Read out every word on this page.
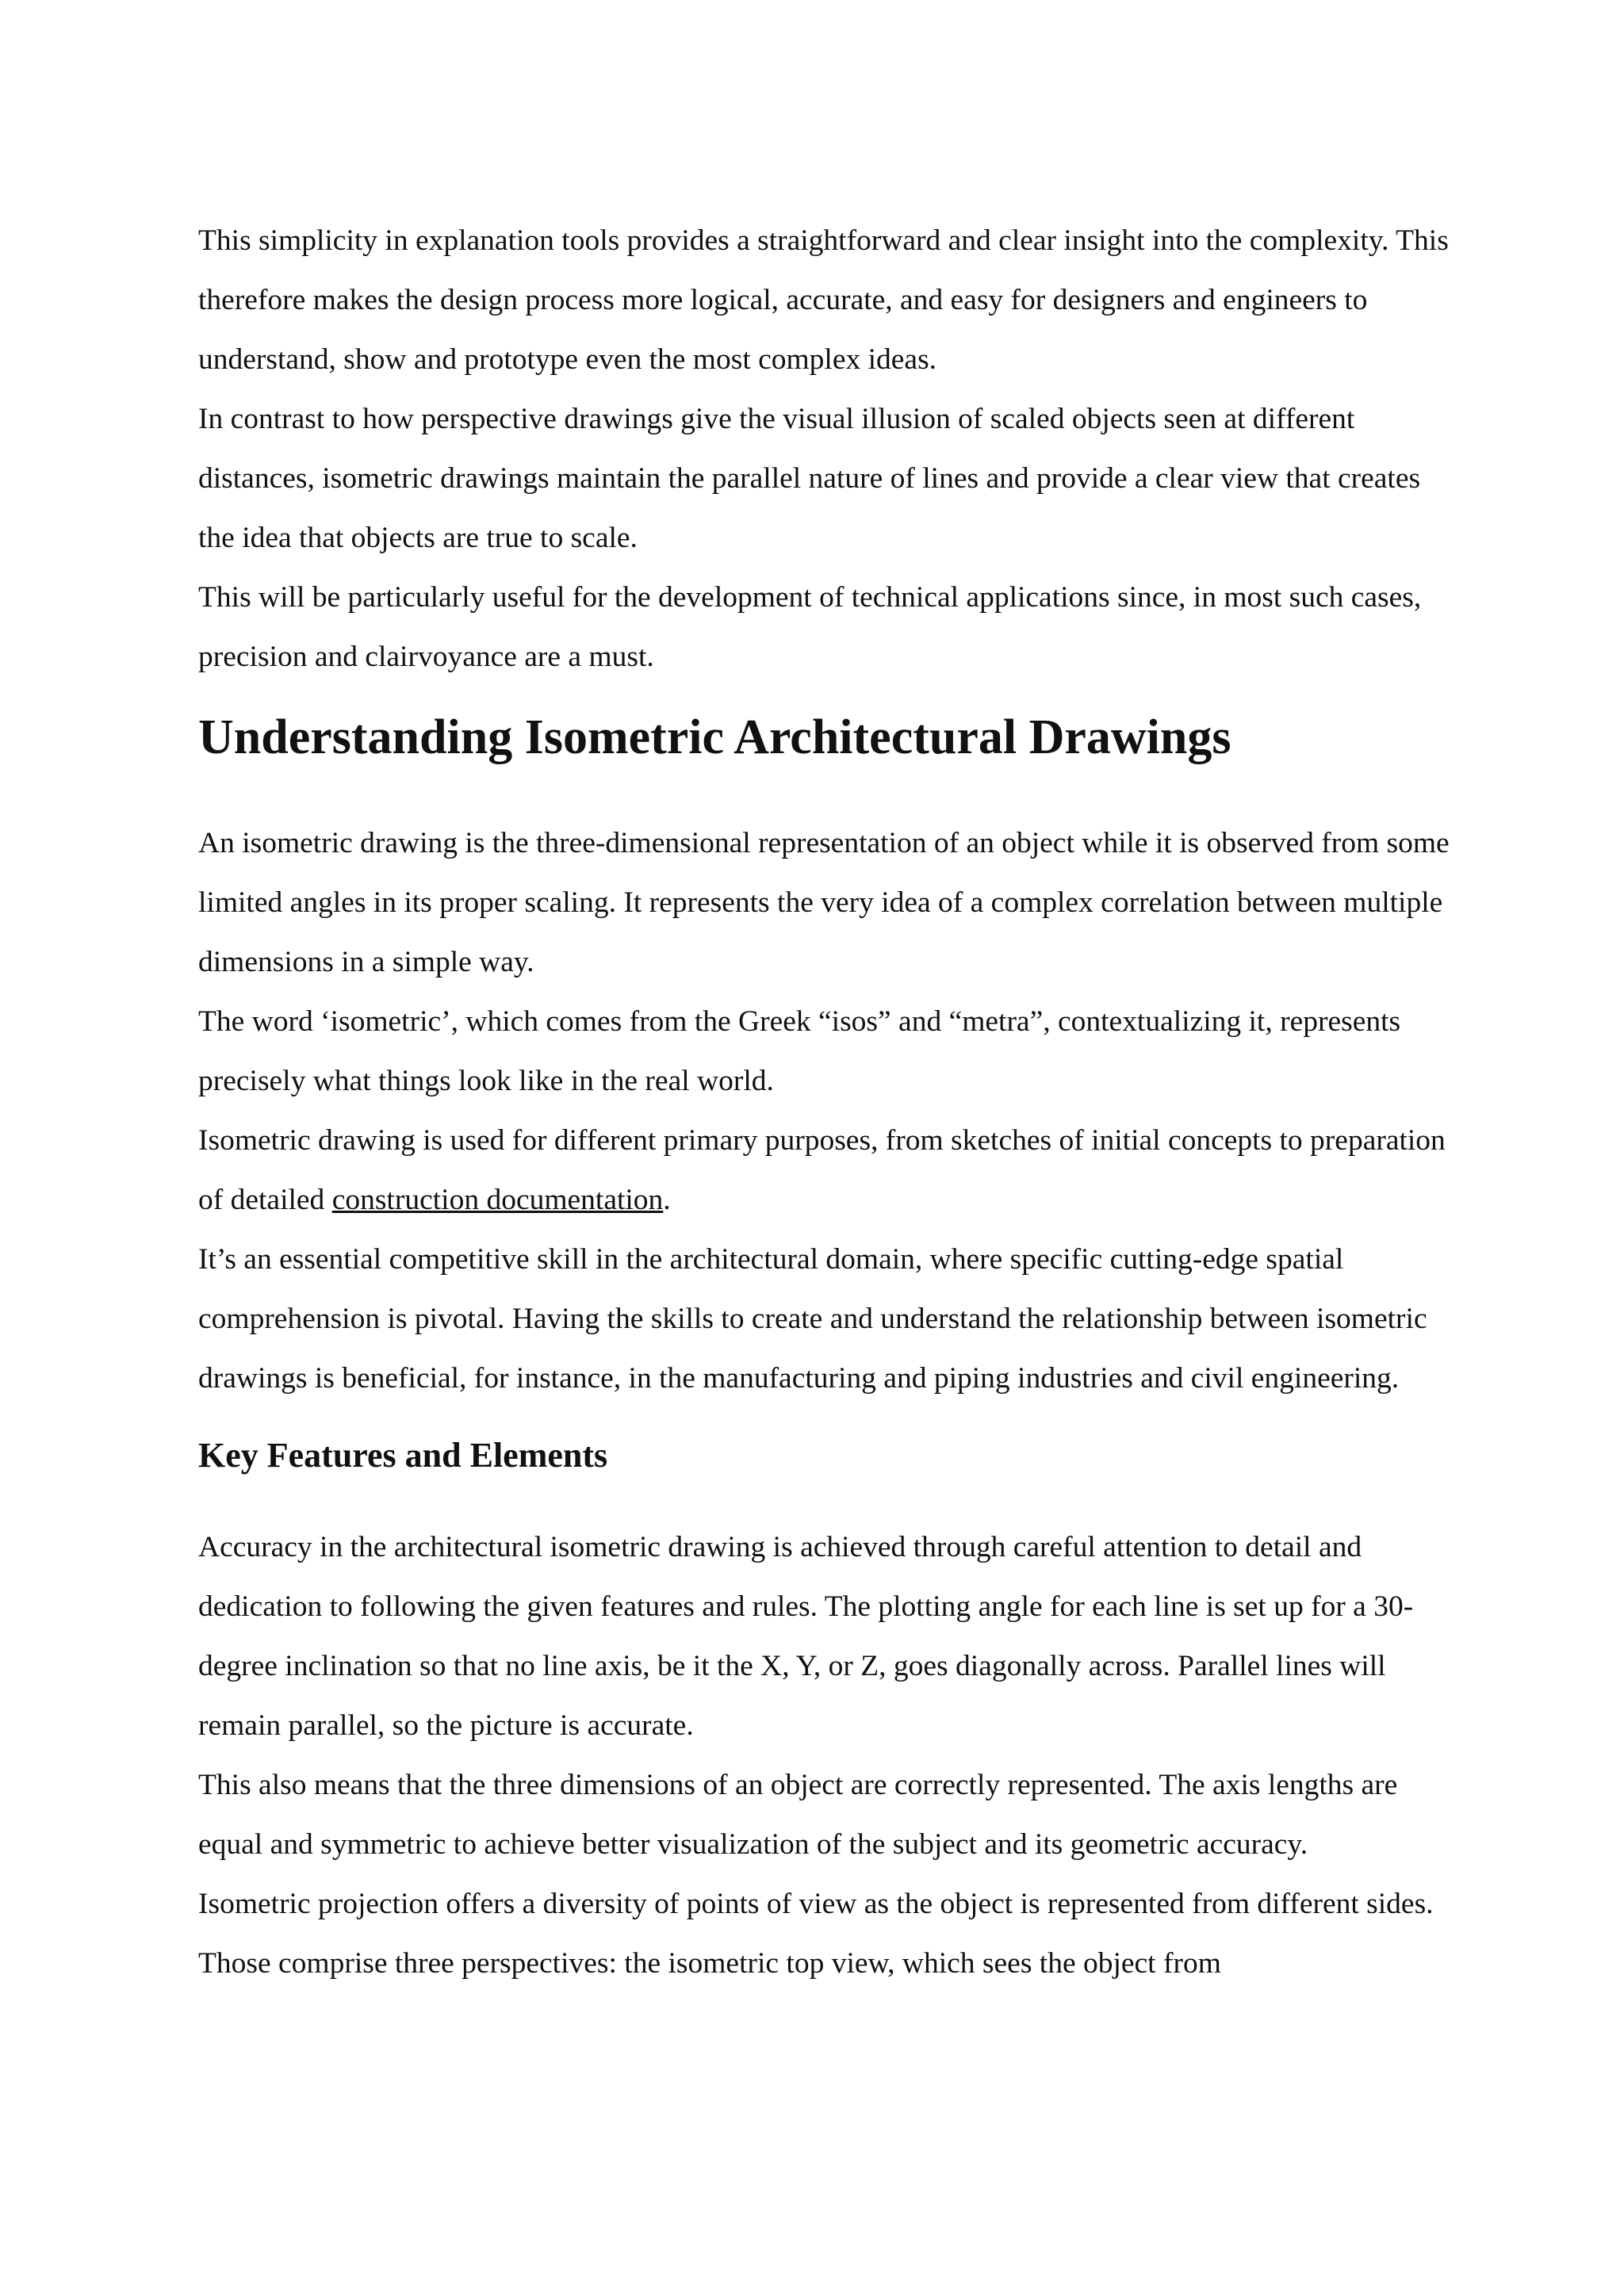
This simplicity in explanation tools provides a straightforward and clear insight into the complexity. This therefore makes the design process more logical, accurate, and easy for designers and engineers to understand, show and prototype even the most complex ideas.

In contrast to how perspective drawings give the visual illusion of scaled objects seen at different distances, isometric drawings maintain the parallel nature of lines and provide a clear view that creates the idea that objects are true to scale.

This will be particularly useful for the development of technical applications since, in most such cases, precision and clairvoyance are a must.

Understanding Isometric Architectural Drawings

An isometric drawing is the three-dimensional representation of an object while it is observed from some limited angles in its proper scaling. It represents the very idea of a complex correlation between multiple dimensions in a simple way.

The word ‘isometric’, which comes from the Greek “isos” and “metra”, contextualizing it, represents precisely what things look like in the real world.

Isometric drawing is used for different primary purposes, from sketches of initial concepts to preparation of detailed construction documentation.

It’s an essential competitive skill in the architectural domain, where specific cutting-edge spatial comprehension is pivotal. Having the skills to create and understand the relationship between isometric drawings is beneficial, for instance, in the manufacturing and piping industries and civil engineering.

Key Features and Elements

Accuracy in the architectural isometric drawing is achieved through careful attention to detail and dedication to following the given features and rules. The plotting angle for each line is set up for a 30-degree inclination so that no line axis, be it the X, Y, or Z, goes diagonally across. Parallel lines will remain parallel, so the picture is accurate.

This also means that the three dimensions of an object are correctly represented. The axis lengths are equal and symmetric to achieve better visualization of the subject and its geometric accuracy.

Isometric projection offers a diversity of points of view as the object is represented from different sides. Those comprise three perspectives: the isometric top view, which sees the object from
